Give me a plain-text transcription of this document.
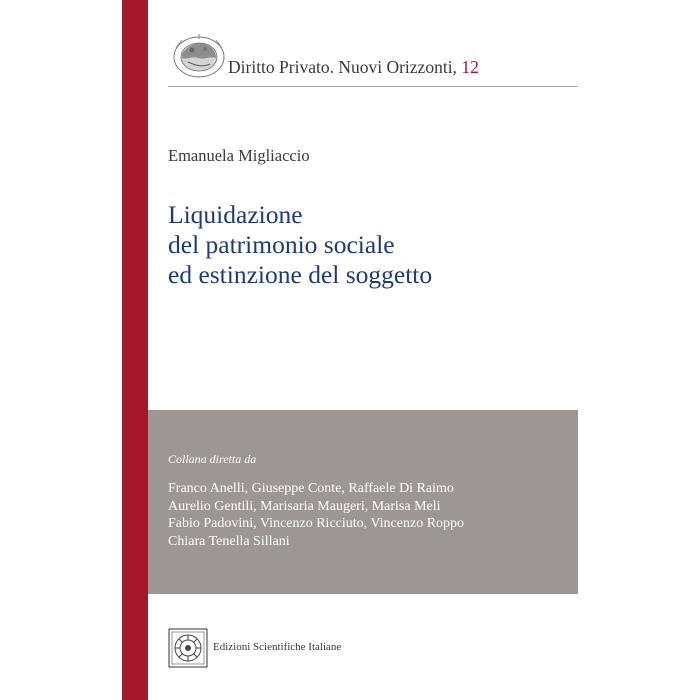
Diritto Privato. Nuovi Orizzonti, 12
Emanuela Migliaccio
Liquidazione
del patrimonio sociale
ed estinzione del soggetto
Collana diretta da
Franco Anelli, Giuseppe Conte, Raffaele Di Raimo
Aurelio Gentili, Marisaria Maugeri, Marisa Meli
Fabio Padovini, Vincenzo Ricciuto, Vincenzo Roppo
Chiara Tenella Sillani
Edizioni Scientifiche Italiane
